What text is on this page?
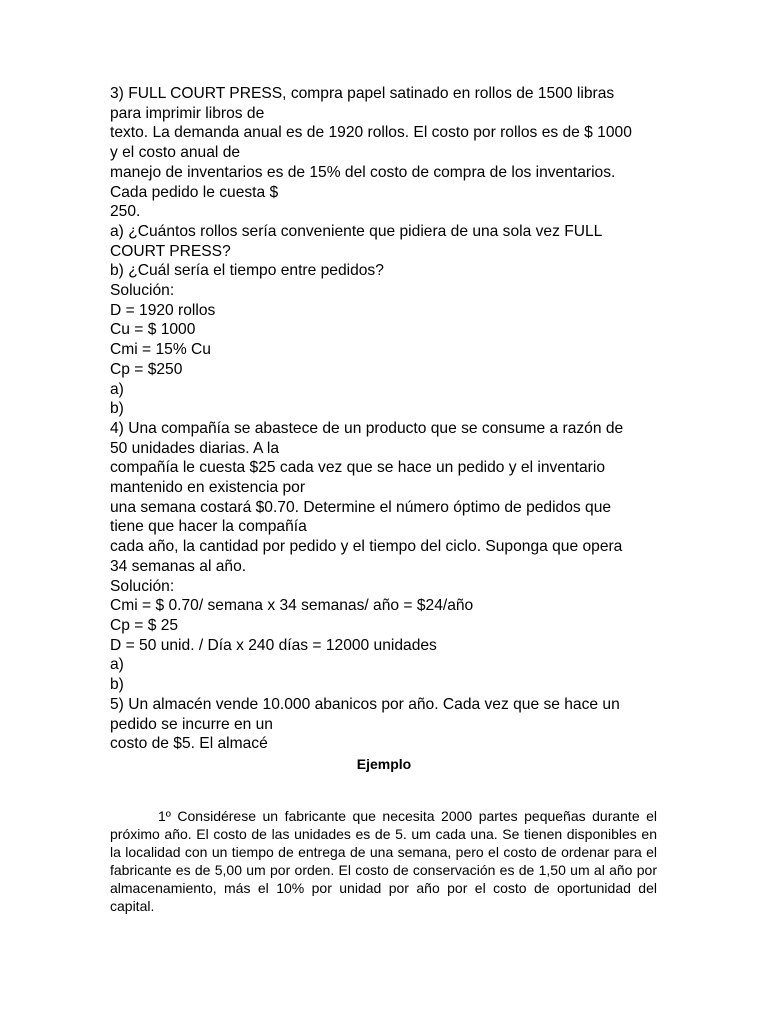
3) FULL COURT PRESS, compra papel satinado en rollos de 1500 libras
para imprimir libros de
texto. La demanda anual es de 1920 rollos. El costo por rollos es de $ 1000
y el costo anual de
manejo de inventarios es de 15% del costo de compra de los inventarios.
Cada pedido le cuesta $
250.
a) ¿Cuántos rollos sería conveniente que pidiera de una sola vez FULL
COURT PRESS?
b) ¿Cuál sería el tiempo entre pedidos?
Solución:
D = 1920 rollos
Cu = $ 1000
Cmi = 15% Cu
Cp = $250
a)
b)
4) Una compañía se abastece de un producto que se consume a razón de
50 unidades diarias. A la
compañía le cuesta $25 cada vez que se hace un pedido y el inventario
mantenido en existencia por
una semana costará $0.70. Determine el número óptimo de pedidos que
tiene que hacer la compañía
cada año, la cantidad por pedido y el tiempo del ciclo. Suponga que opera
34 semanas al año.
Solución:
Cmi = $ 0.70/ semana x 34 semanas/ año = $24/año
Cp = $ 25
D = 50 unid. / Día x 240 días = 12000 unidades
a)
b)
5) Un almacén vende 10.000 abanicos por año. Cada vez que se hace un
pedido se incurre en un
costo de $5. El almacé
Ejemplo
1º Considérese un fabricante que necesita 2000 partes pequeñas durante el próximo año. El costo de las unidades es de 5. um cada una. Se tienen disponibles en la localidad con un tiempo de entrega de una semana, pero el costo de ordenar para el fabricante es de 5,00 um por orden. El costo de conservación es de 1,50 um al año por almacenamiento, más el 10% por unidad por año por el costo de oportunidad del capital.
